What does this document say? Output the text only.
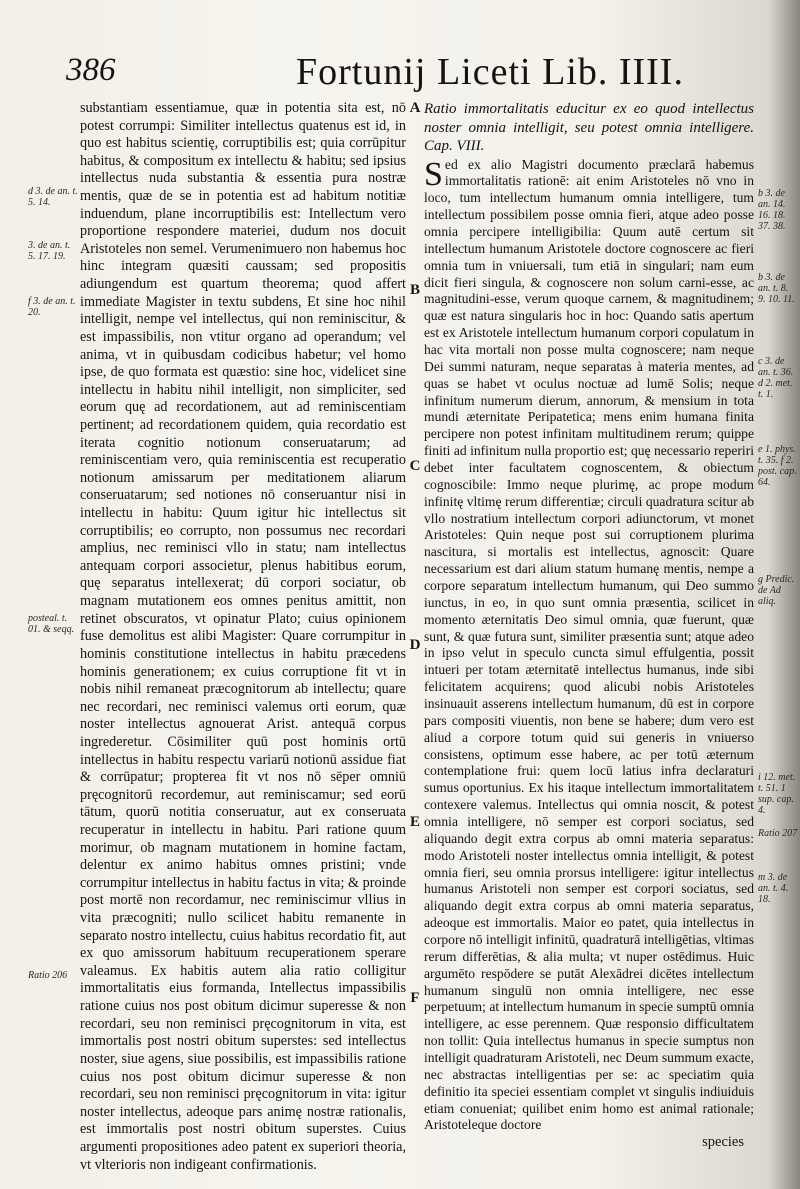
386	Fortunij Liceti Lib. IIII.
d 3. de an. t. 5. 14.
3. de an. t. 5. 17. 19.
f 3. de an. t. 20.
posteal. t. 01. & seqq.
Ratio 206

substantiam essentiamue, quæ in potentia sita est, nō potest corrumpi: Similiter intellectus quatenus est id, in quo est habitus scientię, corruptibilis est; quia corrūpitur habitus, & compositum ex intellectu & habitu; sed ipsius intellectus nuda substantia & essentia pura nostræ mentis, quæ de se in potentia est ad habitum notitiæ induendum, plane incorruptibilis est: Intellectum vero proportione respondere materiei, dudum nos docuit Aristoteles non semel. Verumenimuero non habemus hoc hinc integram quæsiti caussam; sed propositis adiungendum est quartum theorema; quod affert immediate Magister in textu subdens, Et sine hoc nihil intelligit, nempe vel intellectus, qui non reminiscitur, & est impassibilis, non vtitur organo ad operandum; vel anima, vt in quibusdam codicibus habetur; vel homo ipse, de quo formata est quæstio: sine hoc, videlicet sine intellectu in habitu nihil intelligit, non simpliciter, sed eorum quę ad recordationem, aut ad reminiscentiam pertinent; ad recordationem quidem, quia recordatio est iterata cognitio notionum conseruatarum; ad reminiscentiam vero, quia reminiscentia est recuperatio notionum amissarum per meditationem aliarum conseruatarum; sed notiones nō conseruantur nisi in intellectu in habitu: Quum igitur hic intellectus sit corruptibilis; eo corrupto, non possumus nec recordari amplius, nec reminisci vllo in statu; nam intellectus antequam corpori associetur, plenus habitibus eorum, quę separatus intellexerat; dū corpori sociatur, ob magnam mutationem eos omnes penitus amittit, non retinet obscuratos, vt opinatur Plato; cuius opinionem fuse demolitus est alibi Magister: Quare corrumpitur in hominis constitutione intellectus in habitu præcedens hominis generationem; ex cuius corruptione fit vt in nobis nihil remaneat præcognitorum ab intellectu; quare nec recordari, nec reminisci valemus orti eorum, quæ noster intellectus agnouerat Arist. antequā corpus ingrederetur. Cōsimiliter quū post hominis ortū intellectus in habitu respectu variarū notionū assidue fiat & corrūpatur; propterea fit vt nos nō sēper omniū pręcognitorū recordemur, aut reminiscamur; sed eorū tātum, quorū notitia conseruatur, aut ex conseruata recuperatur in intellectu in habitu. Pari ratione quum morimur, ob magnam mutationem in homine factam, delentur ex animo habitus omnes pristini; vnde corrumpitur intellectus in habitu factus in vita; & proinde post mortē non recordamur, nec reminiscimur vllius in vita præcogniti; nullo scilicet habitu remanente in separato nostro intellectu, cuius habitus recordatio fit, aut ex quo amissorum habituum recuperationem sperare valeamus. Ex habitis autem alia ratio colligitur immortalitatis eius formanda, Intellectus impassibilis ratione cuius nos post obitum dicimur superesse & non recordari, seu non reminisci pręcognitorum in vita, est immortalis post nostri obitum superstes: sed intellectus noster, siue agens, siue possibilis, est impassibilis ratione cuius nos post obitum dicimur superesse & non recordari, seu non reminisci pręcognitorum in vita: igitur noster intellectus, adeoque pars animę nostræ rationalis, est immortalis post nostri obitum superstes. Cuius argumenti propositiones adeo patent ex superiori theoria, vt vlterioris non indigeant confirmationis.

A
B
C
D
E
F

Ratio immortalitatis educitur ex eo quod intellectus noster omnia intelligit, seu potest omnia intelligere. Cap. VIII.

Sed ex alio Magistri documento præclarā habemus immortalitatis rationē: ait enim Aristoteles nō vno in loco, tum intellectum humanum omnia intelligere, tum intellectum possibilem posse omnia fieri, atque adeo posse omnia percipere intelligibilia: Quum autē certum sit intellectum humanum Aristotele doctore cognoscere ac fieri omnia tum in vniuersali, tum etiā in singulari; nam eum dicit fieri singula, & cognoscere non solum carni-esse, ac magnitudini-esse, verum quoque carnem, & magnitudinem; quæ est natura singularis hoc in hoc: Quando satis apertum est ex Aristotele intellectum humanum corpori copulatum in hac vita mortali non posse multa cognoscere; nam neque Dei summi naturam, neque separatas à materia mentes, ad quas se habet vt oculus noctuæ ad lumē Solis; neque infinitum numerum dierum, annorum, & mensium in tota mundi æternitate Peripatetica; mens enim humana finita percipere non potest infinitam multitudinem rerum; quippe finiti ad infinitum nulla proportio est; quę necessario reperiri debet inter facultatem cognoscentem, & obiectum cognoscibile: Immo neque plurimę, ac prope modum infinitę vltimę rerum differentiæ; circuli quadratura scitur ab vllo nostratium intellectum corpori adiunctorum, vt monet Aristoteles: Quin neque post sui corruptionem plurima nascitura, si mortalis est intellectus, agnoscit: Quare necessarium est dari alium statum humanę mentis, nempe a corpore separatum intellectum humanum, qui Deo summo iunctus, in eo, in quo sunt omnia præsentia, scilicet in momento æternitatis Deo simul omnia, quæ fuerunt, quæ sunt, & quæ futura sunt, similiter præsentia sunt; atque adeo in ipso velut in speculo cuncta simul effulgentia, possit intueri per totam æternitatē intellectus humanus, inde sibi felicitatem acquirens; quod alicubi nobis Aristoteles insinuauit asserens intellectum humanum, dū est in corpore pars compositi viuentis, non bene se habere; dum vero est aliud a corpore totum quid sui generis in vniuerso consistens, optimum esse habere, ac per totū æternum contemplatione frui: quem locū latius infra declaraturi sumus oportunius. Ex his itaque intellectum immortalitatem contexere valemus. Intellectus qui omnia noscit, & potest omnia intelligere, nō semper est corpori sociatus, sed aliquando degit extra corpus ab omni materia separatus: modo Aristoteli noster intellectus omnia intelligit, & potest omnia fieri, seu omnia prorsus intelligere: igitur intellectus humanus Aristoteli non semper est corpori sociatus, sed aliquando degit extra corpus ab omni materia separatus, adeoque est immortalis. Maior eo patet, quia intellectus in corpore nō intelligit infinitū, quadraturā intelligētias, vltimas rerum differētias, & alia multa; vt nuper ostēdimus. Huic argumēto respōdere se putāt Alexādrei dicētes intellectum humanum singulū non omnia intelligere, nec esse perpetuum; at intellectum humanum in specie sumptū omnia intelligere, ac esse perennem. Quæ responsio difficultatem non tollit: Quia intellectus humanus in specie sumptus non intelligit quadraturam Aristoteli, nec Deum summum exacte, nec abstractas intelligentias per se: ac speciatim quia definitio ita speciei essentiam complet vt singulis indiuiduis etiam conueniat; quilibet enim homo est animal rationale; Aristoteleque doctore

species

b 3. de an. 14. 16. 18. 37. 38.
b 3. de an. t. 8. 9. 10. 11.
c 3. de an. t. 36. d 2. met. t. 1.
e 1. phys. t. 35. f 2. post. cap. 64.
g Predic. de Ad aliq.
i 12. met. t. 51. 1 sup. cap. 4.
Ratio 207
m 3. de an. t. 4. 18.
